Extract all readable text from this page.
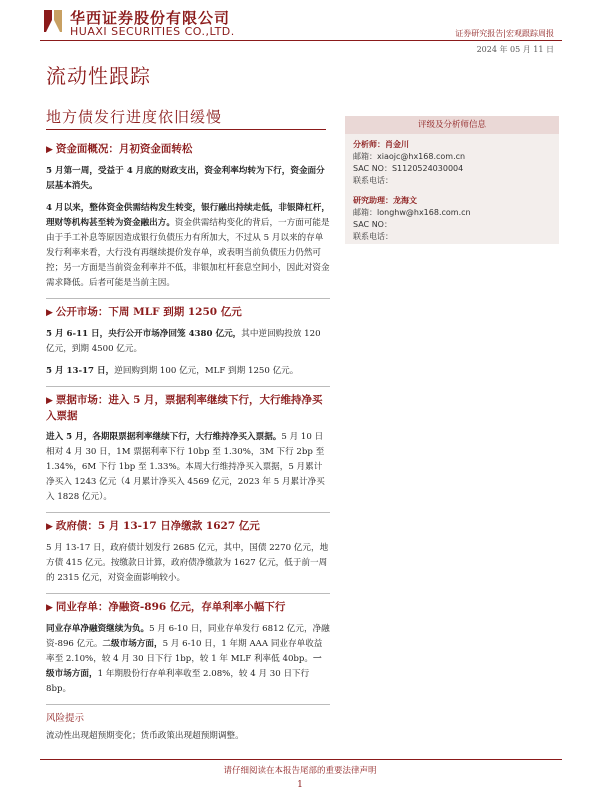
华西证券股份有限公司
HUAXI SECURITIES CO.,LTD.	证券研究报告|宏观跟踪周报
2024 年 05 月 11 日
流动性跟踪
地方债发行进度依旧缓慢	评级及分析师信息
分析师：肖金川
邮箱：xiaojc@hx168.com.cn
SAC NO：S1120524030004
联系电话：
研究助理：龙海文
邮箱：longhw@hx168.com.cn
SAC NO：
联系电话：
▶ 资金面概况：月初资金面转松

5 月第一周，受益于 4 月底的财政支出，资金利率均转为下行，资金面分层基本消失。

4 月以来，整体资金供需结构发生转变，银行融出持续走低，非银降杠杆，理财等机构甚至转为资金融出方。资金供需结构变化的背后，一方面可能是由于手工补息等原因造成银行负债压力有所加大，不过从 5 月以来的存单发行利率来看，大行没有再继续提价发存单，或表明当前负债压力仍然可控；另一方面是当前资金利率并不低，非银加杠杆套息空间小，因此对资金需求降低。后者可能是当前主因。

▶ 公开市场：下周 MLF 到期 1250 亿元

5 月 6-11 日，央行公开市场净回笼 4380 亿元，其中逆回购投放 120 亿元，到期 4500 亿元。

5 月 13-17 日，逆回购到期 100 亿元，MLF 到期 1250 亿元。

▶ 票据市场：进入 5 月，票据利率继续下行，大行维持净买入票据

进入 5 月，各期限票据利率继续下行，大行维持净买入票据。5 月 10 日相对 4 月 30 日，1M 票据利率下行 10bp 至 1.30%，3M 下行 2bp 至 1.34%，6M 下行 1bp 至 1.33%。本周大行维持净买入票据，5 月累计净买入 1243 亿元（4 月累计净买入 4569 亿元，2023 年 5 月累计净买入 1828 亿元）。

▶ 政府债：5 月 13-17 日净缴款 1627 亿元

5 月 13-17 日，政府债计划发行 2685 亿元，其中，国债 2270 亿元，地方债 415 亿元。按缴款日计算，政府债净缴款为 1627 亿元，低于前一周的 2315 亿元，对资金面影响较小。

▶ 同业存单：净融资-896 亿元，存单利率小幅下行

同业存单净融资继续为负。5 月 6-10 日，同业存单发行 6812 亿元，净融资-896 亿元。二级市场方面，5 月 6-10 日，1 年期 AAA 同业存单收益率至 2.10%，较 4 月 30 日下行 1bp，较 1 年 MLF 利率低 40bp。一级市场方面，1 年期股份行存单利率收至 2.08%，较 4 月 30 日下行 8bp。

风险提示

流动性出现超预期变化；货币政策出现超预期调整。

请仔细阅读在本报告尾部的重要法律声明
1
